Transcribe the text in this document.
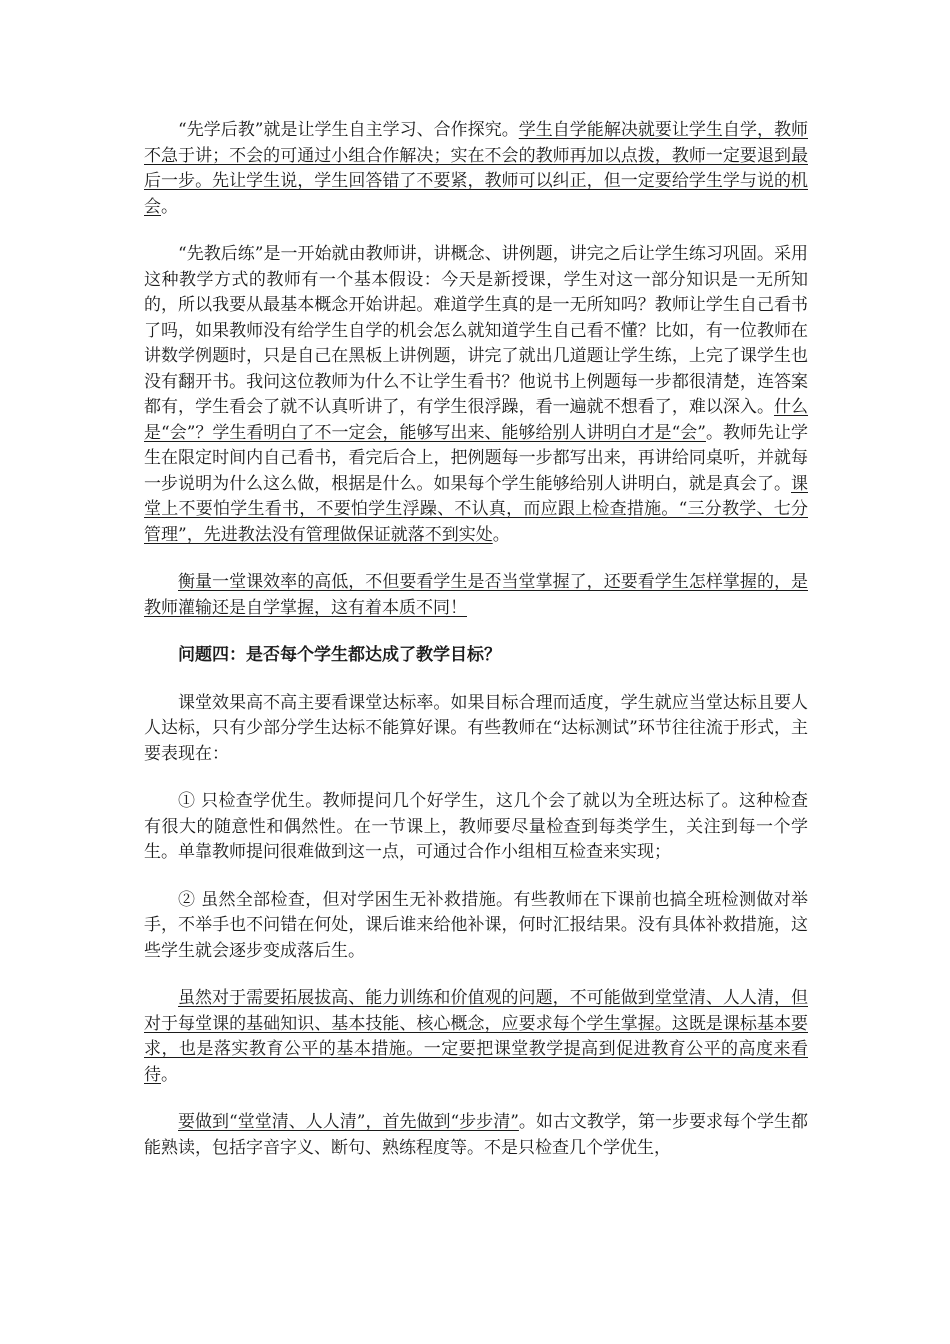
“先学后教”就是让学生自主学习、合作探究。学生自学能解决就要让学生自学，教师不急于讲；不会的可通过小组合作解决；实在不会的教师再加以点拨，教师一定要退到最后一步。先让学生说，学生回答错了不要紧，教师可以纠正，但一定要给学生学与说的机会。

“先教后练”是一开始就由教师讲，讲概念、讲例题，讲完之后让学生练习巩固。采用这种教学方式的教师有一个基本假设：今天是新授课，学生对这一部分知识是一无所知的，所以我要从最基本概念开始讲起。难道学生真的是一无所知吗？教师让学生自己看书了吗，如果教师没有给学生自学的机会怎么就知道学生自己看不懂？比如，有一位教师在讲数学例题时，只是自己在黑板上讲例题，讲完了就出几道题让学生练，上完了课学生也没有翻开书。我问这位教师为什么不让学生看书？他说书上例题每一步都很清楚，连答案都有，学生看会了就不认真听讲了，有学生很浮躁，看一遍就不想看了，难以深入。什么是“会”？学生看明白了不一定会，能够写出来、能够给别人讲明白才是“会”。教师先让学生在限定时间内自己看书，看完后合上，把例题每一步都写出来，再讲给同桌听，并就每一步说明为什么这么做，根据是什么。如果每个学生能够给别人讲明白，就是真会了。课堂上不要怕学生看书，不要怕学生浮躁、不认真，而应跟上检查措施。“三分教学、七分管理”，先进教法没有管理做保证就落不到实处。

衡量一堂课效率的高低，不但要看学生是否当堂掌握了，还要看学生怎样掌握的，是教师灌输还是自学掌握，这有着本质不同！

问题四：是否每个学生都达成了教学目标？

课堂效果高不高主要看课堂达标率。如果目标合理而适度，学生就应当堂达标且要人人达标，只有少部分学生达标不能算好课。有些教师在“达标测试”环节往往流于形式，主要表现在：

① 只检查学优生。教师提问几个好学生，这几个会了就以为全班达标了。这种检查有很大的随意性和偶然性。在一节课上，教师要尽量检查到每类学生，关注到每一个学生。单靠教师提问很难做到这一点，可通过合作小组相互检查来实现；

② 虽然全部检查，但对学困生无补救措施。有些教师在下课前也搞全班检测做对举手，不举手也不问错在何处，课后谁来给他补课，何时汇报结果。没有具体补救措施，这些学生就会逐步变成落后生。

虽然对于需要拓展拔高、能力训练和价值观的问题，不可能做到堂堂清、人人清，但对于每堂课的基础知识、基本技能、核心概念，应要求每个学生掌握。这既是课标基本要求，也是落实教育公平的基本措施。一定要把课堂教学提高到促进教育公平的高度来看待。

要做到“堂堂清、人人清”，首先做到“步步清”。如古文教学，第一步要求每个学生都能熟读，包括字音字义、断句、熟练程度等。不是只检查几个学优生，
